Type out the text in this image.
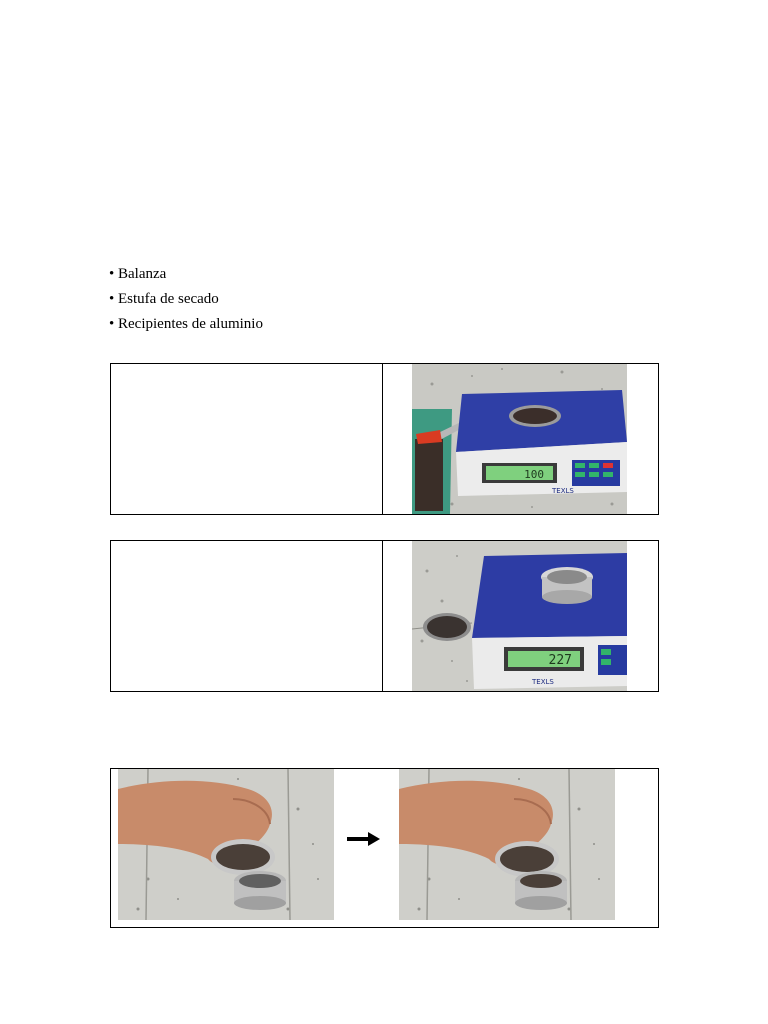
• Balanza
• Estufa de secado
• Recipientes de aluminio
100
TEXLS
227
TEXLS
